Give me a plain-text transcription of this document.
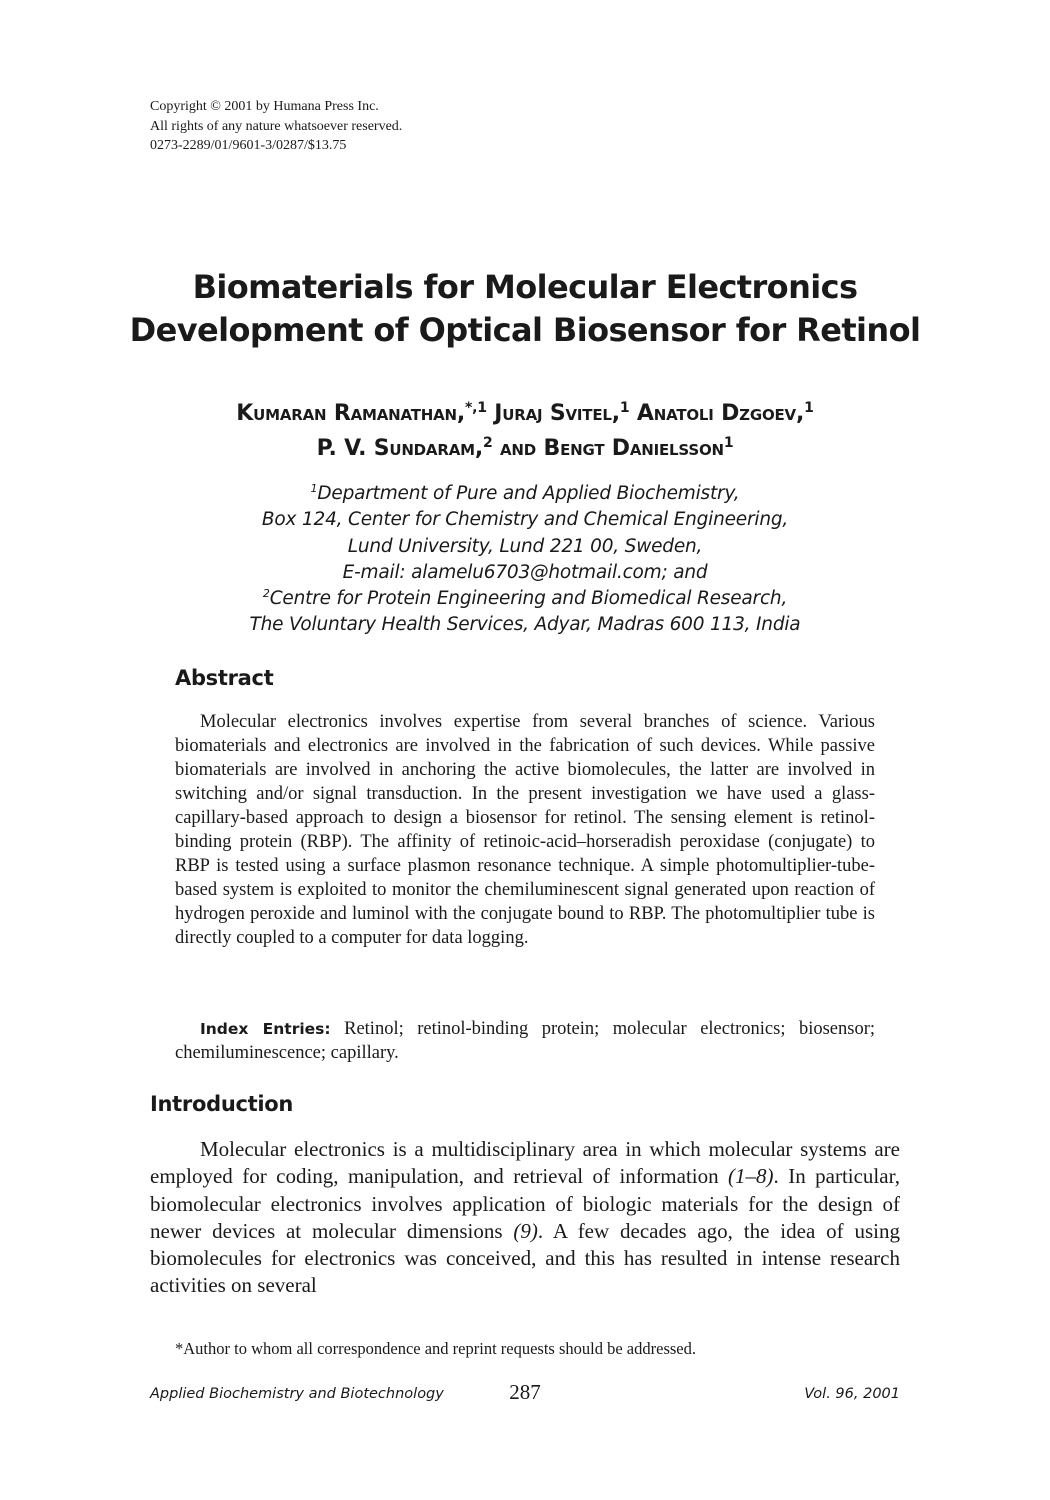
Copyright © 2001 by Humana Press Inc.
All rights of any nature whatsoever reserved.
0273-2289/01/9601-3/0287/$13.75
Biomaterials for Molecular Electronics
Development of Optical Biosensor for Retinol
Kumaran Ramanathan,$^{*,1}$ Juraj Svitel,$^1$ Anatoli Dzgoev,$^1$
P. V. Sundaram,$^2$ and Bengt Danielsson$^1$
$^1$Department of Pure and Applied Biochemistry,
Box 124, Center for Chemistry and Chemical Engineering,
Lund University, Lund 221 00, Sweden,
E-mail: alamelu6703@hotmail.com; and
$^2$Centre for Protein Engineering and Biomedical Research,
The Voluntary Health Services, Adyar, Madras 600 113, India
Abstract

Molecular electronics involves expertise from several branches of science. Various biomaterials and electronics are involved in the fabrication of such devices. While passive biomaterials are involved in anchoring the active biomolecules, the latter are involved in switching and/or signal transduction. In the present investigation we have used a glass-capillary-based approach to design a biosensor for retinol. The sensing element is retinol-binding protein (RBP). The affinity of retinoic-acid–horseradish peroxidase (conjugate) to RBP is tested using a surface plasmon resonance technique. A simple photomultiplier-tube-based system is exploited to monitor the chemiluminescent signal generated upon reaction of hydrogen peroxide and luminol with the conjugate bound to RBP. The photomultiplier tube is directly coupled to a computer for data logging.

Index Entries: Retinol; retinol-binding protein; molecular electronics; biosensor; chemiluminescence; capillary.

Introduction

Molecular electronics is a multidisciplinary area in which molecular systems are employed for coding, manipulation, and retrieval of information (1–8). In particular, biomolecular electronics involves application of biologic materials for the design of newer devices at molecular dimensions (9). A few decades ago, the idea of using biomolecules for electronics was conceived, and this has resulted in intense research activities on several

*Author to whom all correspondence and reprint requests should be addressed.
Applied Biochemistry and Biotechnology	287	Vol. 96, 2001
